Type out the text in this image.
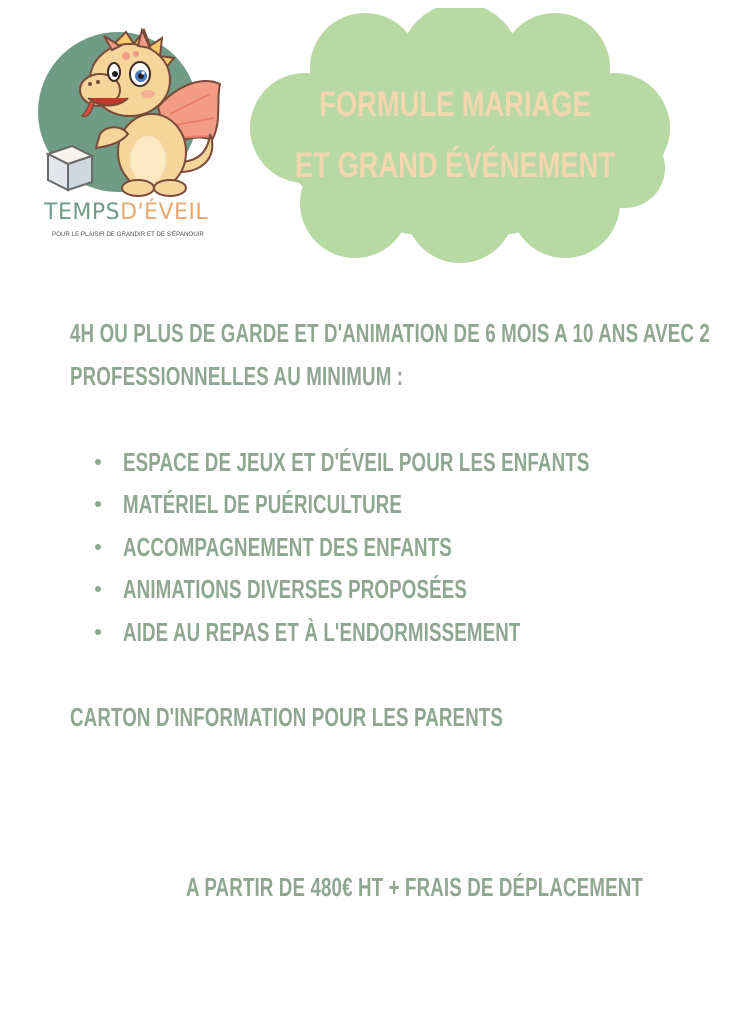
TEMPSD'ÉVEIL
POUR LE PLAISIR DE GRANDIR ET DE S'ÉPANOUIR
FORMULE MARIAGE
ET GRAND ÉVÉNEMENT
4H OU PLUS DE GARDE ET D'ANIMATION DE 6 MOIS A 10 ANS AVEC 2
PROFESSIONNELLES AU MINIMUM :
ESPACE DE JEUX ET D'ÉVEIL POUR LES ENFANTS
MATÉRIEL DE PUÉRICULTURE
ACCOMPAGNEMENT DES ENFANTS
ANIMATIONS DIVERSES PROPOSÉES
AIDE AU REPAS ET À L'ENDORMISSEMENT
CARTON D'INFORMATION POUR LES PARENTS
A PARTIR DE 480€ HT + FRAIS DE DÉPLACEMENT
